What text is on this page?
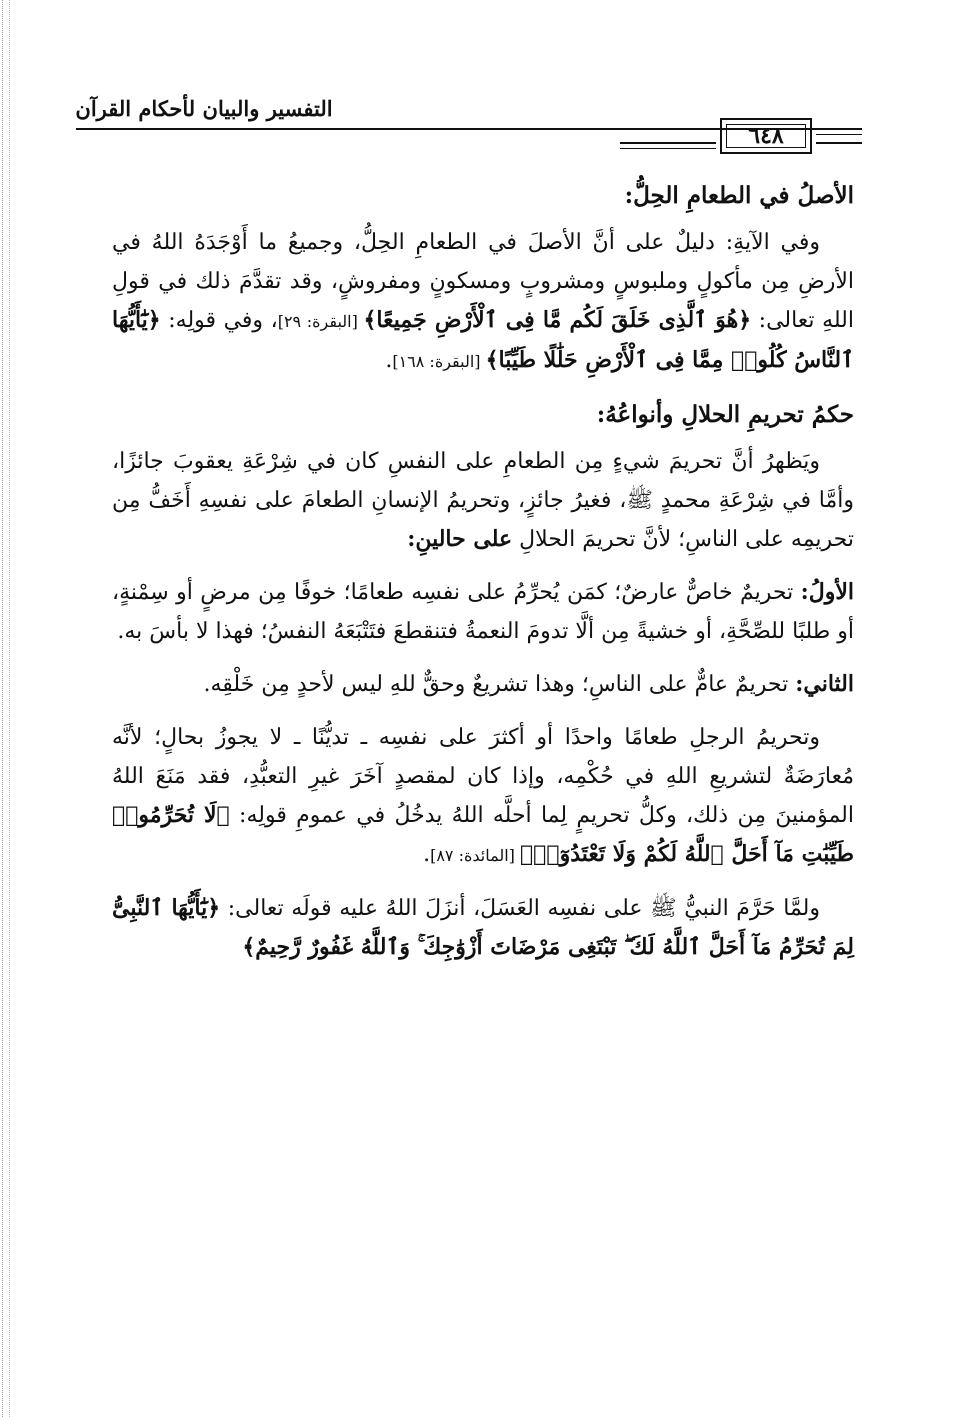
التفسير والبيان لأحكام القرآن
٦٤٨
الأصلُ في الطعامِ الحِلُّ:

وفي الآيةِ: دليلٌ على أنَّ الأصلَ في الطعامِ الحِلُّ، وجميعُ ما أَوْجَدَهُ اللهُ في الأرضِ مِن مأكولٍ وملبوسٍ ومشروبٍ ومسكونٍ ومفروشٍ، وقد تقدَّمَ ذلك في قولِ اللهِ تعالى: ﴿هُوَ ٱلَّذِى خَلَقَ لَكُم مَّا فِى ٱلْأَرْضِ جَمِيعًا﴾ [البقرة: ٢٩]، وفي قولِه: ﴿يَٰٓأَيُّهَا ٱلنَّاسُ كُلُوا۟ مِمَّا فِى ٱلْأَرْضِ حَلَٰلًا طَيِّبًا﴾ [البقرة: ١٦٨].

حكمُ تحريمِ الحلالِ وأنواعُهُ:

ويَظهرُ أنَّ تحريمَ شيءٍ مِن الطعامِ على النفسِ كان في شِرْعَةِ يعقوبَ جائزًا، وأمَّا في شِرْعَةِ محمدٍ ﷺ، فغيرُ جائزٍ، وتحريمُ الإنسانِ الطعامَ على نفسِهِ أَخَفُّ مِن تحريمِه على الناسِ؛ لأنَّ تحريمَ الحلالِ على حالينِ:

الأولُ: تحريمٌ خاصٌّ عارضٌ؛ كمَن يُحرِّمُ على نفسِه طعامًا؛ خوفًا مِن مرضٍ أو سِمْنةٍ، أو طلبًا للصِّحَّةِ، أو خشيةً مِن ألَّا تدومَ النعمةُ فتنقطعَ فتَتْبَعَهُ النفسُ؛ فهذا لا بأسَ به.

الثاني: تحريمٌ عامٌّ على الناسِ؛ وهذا تشريعٌ وحقٌّ للهِ ليس لأحدٍ مِن خَلْقِه.

وتحريمُ الرجلِ طعامًا واحدًا أو أكثرَ على نفسِه ـ تديُّنًا ـ لا يجوزُ بحالٍ؛ لأنَّه مُعارَضَةٌ لتشريعِ اللهِ في حُكْمِه، وإذا كان لمقصدٍ آخَرَ غيرِ التعبُّدِ، فقد مَنَعَ اللهُ المؤمنينَ مِن ذلك، وكلُّ تحريمٍ لِما أحلَّه اللهُ يدخُلُ في عمومِ قولِه: ﴿لَا تُحَرِّمُوا۟ طَيِّبَٰتِ مَآ أَحَلَّ ٱللَّهُ لَكُمْ وَلَا تَعْتَدُوٓا۟﴾ [المائدة: ٨٧].

ولمَّا حَرَّمَ النبيُّ ﷺ على نفسِه العَسَلَ، أنزَلَ اللهُ عليه قولَه تعالى: ﴿يَٰٓأَيُّهَا ٱلنَّبِىُّ لِمَ تُحَرِّمُ مَآ أَحَلَّ ٱللَّهُ لَكَ ۖ تَبْتَغِى مَرْضَاتَ أَزْوَٰجِكَ ۚ وَٱللَّهُ غَفُورٌ رَّحِيمٌ﴾
